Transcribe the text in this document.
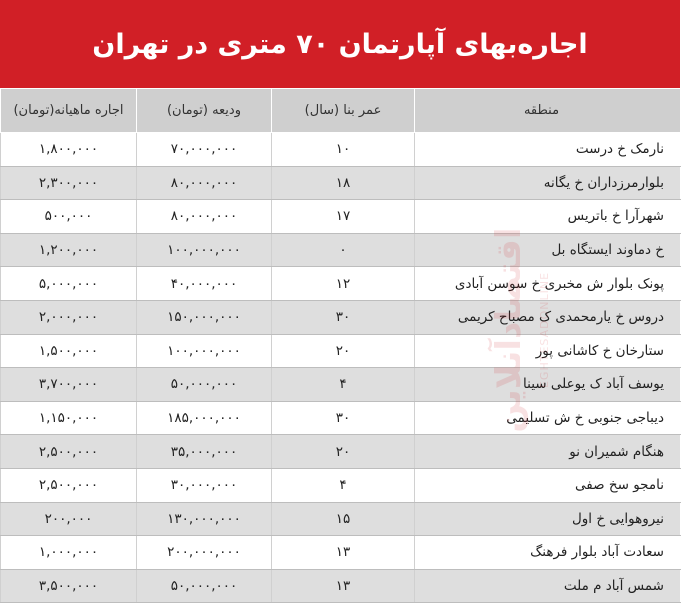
اجاره‌بهای آپارتمان ۷۰ متری در تهران
منطقه	عمر بنا (سال)	ودیعه (تومان)	اجاره ماهیانه(تومان)
نارمک خ درست	۱۰	۷۰,۰۰۰,۰۰۰	۱,۸۰۰,۰۰۰
بلوارمرزداران خ یگانه	۱۸	۸۰,۰۰۰,۰۰۰	۲,۳۰۰,۰۰۰
شهرآرا خ باتریس	۱۷	۸۰,۰۰۰,۰۰۰	۵۰۰,۰۰۰
خ دماوند ایستگاه بل	۰	۱۰۰,۰۰۰,۰۰۰	۱,۲۰۰,۰۰۰
پونک بلوار ش مخبری خ سوسن آبادی	۱۲	۴۰,۰۰۰,۰۰۰	۵,۰۰۰,۰۰۰
دروس خ یارمحمدی ک مصباح کریمی	۳۰	۱۵۰,۰۰۰,۰۰۰	۲,۰۰۰,۰۰۰
ستارخان خ کاشانی پور	۲۰	۱۰۰,۰۰۰,۰۰۰	۱,۵۰۰,۰۰۰
یوسف آباد ک یوعلی سینا	۴	۵۰,۰۰۰,۰۰۰	۳,۷۰۰,۰۰۰
دیباجی جنوبی خ ش تسلیمی	۳۰	۱۸۵,۰۰۰,۰۰۰	۱,۱۵۰,۰۰۰
هنگام شمیران نو	۲۰	۳۵,۰۰۰,۰۰۰	۲,۵۰۰,۰۰۰
نامجو سخ صفی	۴	۳۰,۰۰۰,۰۰۰	۲,۵۰۰,۰۰۰
نیروهوایی خ اول	۱۵	۱۳۰,۰۰۰,۰۰۰	۲۰۰,۰۰۰
سعادت آباد بلوار فرهنگ	۱۳	۲۰۰,۰۰۰,۰۰۰	۱,۰۰۰,۰۰۰
شمس آباد م ملت	۱۳	۵۰,۰۰۰,۰۰۰	۳,۵۰۰,۰۰۰
